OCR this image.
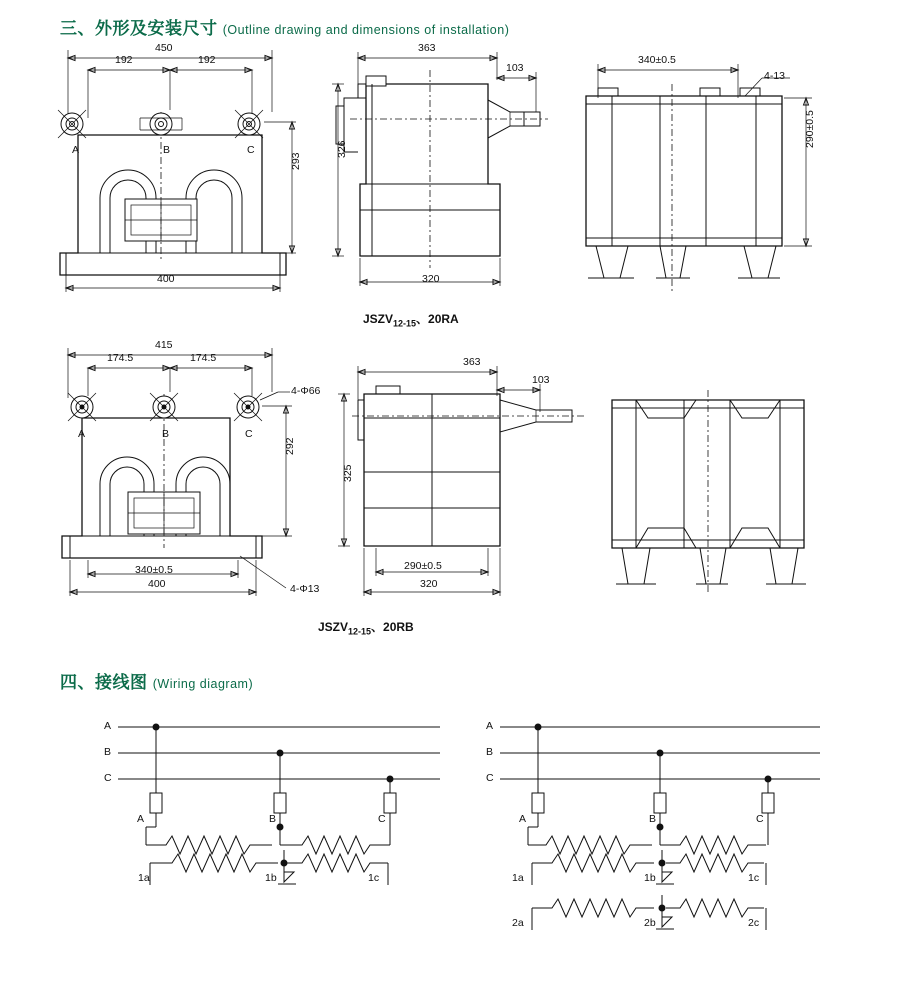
三、外形及安装尺寸 (Outline drawing and dimensions of installation)
450
192	192
A	B	C
293
400
363
103
326
320
340±0.5
4-13
290±0.5
$JSZV_{12-15}$、20RA
415
174.5	174.5
4-Φ66
A	B	C
292
340±0.5
400	4-Φ13
363
103
325
290±0.5
320
$JSZV_{12-15}$、20RB
四、接线图 (Wiring diagram)
A
B
C
A	B	C
1a	1b	1c
A
B
C
A	B	C
1a	1b	1c
2a	2b	2c
